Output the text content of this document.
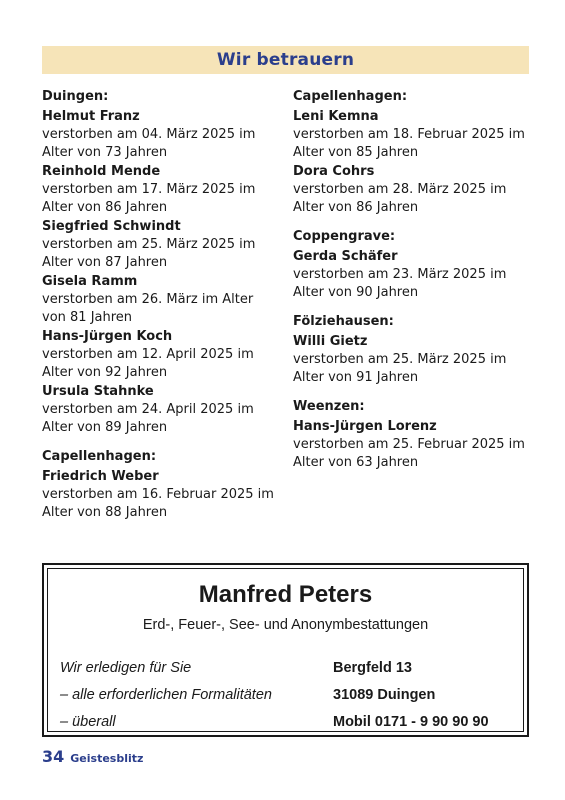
Wir betrauern
Duingen:
Helmut Franz
verstorben am 04. März 2025 im
Alter von 73 Jahren
Reinhold Mende
verstorben am 17. März 2025 im
Alter von 86 Jahren
Siegfried Schwindt
verstorben am 25. März 2025 im
Alter von 87 Jahren
Gisela Ramm
verstorben am 26. März im Alter
von 81 Jahren
Hans-Jürgen Koch
verstorben am 12. April 2025 im
Alter von 92 Jahren
Ursula Stahnke
verstorben am 24. April 2025 im
Alter von 89 Jahren
Capellenhagen:
Friedrich Weber
verstorben am 16. Februar 2025 im
Alter von 88 Jahren
Capellenhagen:
Leni Kemna
verstorben am 18. Februar 2025 im
Alter von 85 Jahren
Dora Cohrs
verstorben am 28. März 2025 im
Alter von 86 Jahren
Coppengrave:
Gerda Schäfer
verstorben am 23. März 2025 im
Alter von 90 Jahren
Fölziehausen:
Willi Gietz
verstorben am 25. März 2025 im
Alter von 91 Jahren
Weenzen:
Hans-Jürgen Lorenz
verstorben am 25. Februar 2025 im
Alter von 63 Jahren
Manfred Peters
Erd-, Feuer-, See- und Anonymbestattungen
Wir erledigen für Sie
– alle erforderlichen Formalitäten
– überall
Bergfeld 13
31089 Duingen
Mobil 0171 - 9 90 90 90
34 Geistesblitz
